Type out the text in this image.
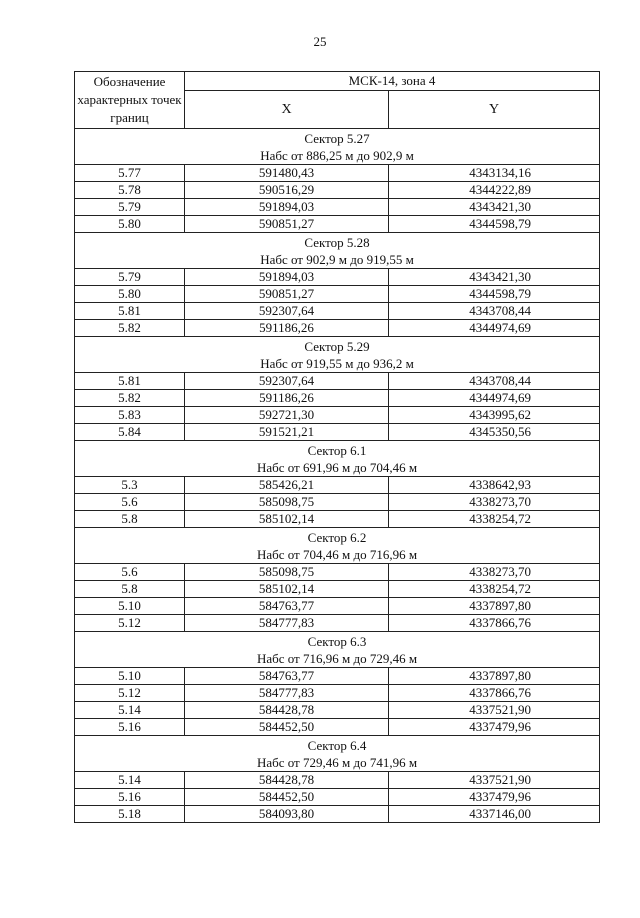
25
Обозначение характерных точек границ	МСК-14, зона 4	
	X	Y

Сектор 5.27
Набс от 886,25 м до 902,9 м		

5.77	591480,43	4343134,16
5.78	590516,29	4344222,89
5.79	591894,03	4343421,30
5.80	590851,27	4344598,79

Сектор 5.28
Набс от 902,9 м до 919,55 м		

5.79	591894,03	4343421,30
5.80	590851,27	4344598,79
5.81	592307,64	4343708,44
5.82	591186,26	4344974,69

Сектор 5.29
Набс от 919,55 м до 936,2 м		

5.81	592307,64	4343708,44
5.82	591186,26	4344974,69
5.83	592721,30	4343995,62
5.84	591521,21	4345350,56

Сектор 6.1
Набс от 691,96 м до 704,46 м		

5.3	585426,21	4338642,93
5.6	585098,75	4338273,70
5.8	585102,14	4338254,72

Сектор 6.2
Набс от 704,46 м до 716,96 м		

5.6	585098,75	4338273,70
5.8	585102,14	4338254,72
5.10	584763,77	4337897,80
5.12	584777,83	4337866,76

Сектор 6.3
Набс от 716,96 м до 729,46 м		

5.10	584763,77	4337897,80
5.12	584777,83	4337866,76
5.14	584428,78	4337521,90
5.16	584452,50	4337479,96

Сектор 6.4
Набс от 729,46 м до 741,96 м		

5.14	584428,78	4337521,90
5.16	584452,50	4337479,96
5.18	584093,80	4337146,00
